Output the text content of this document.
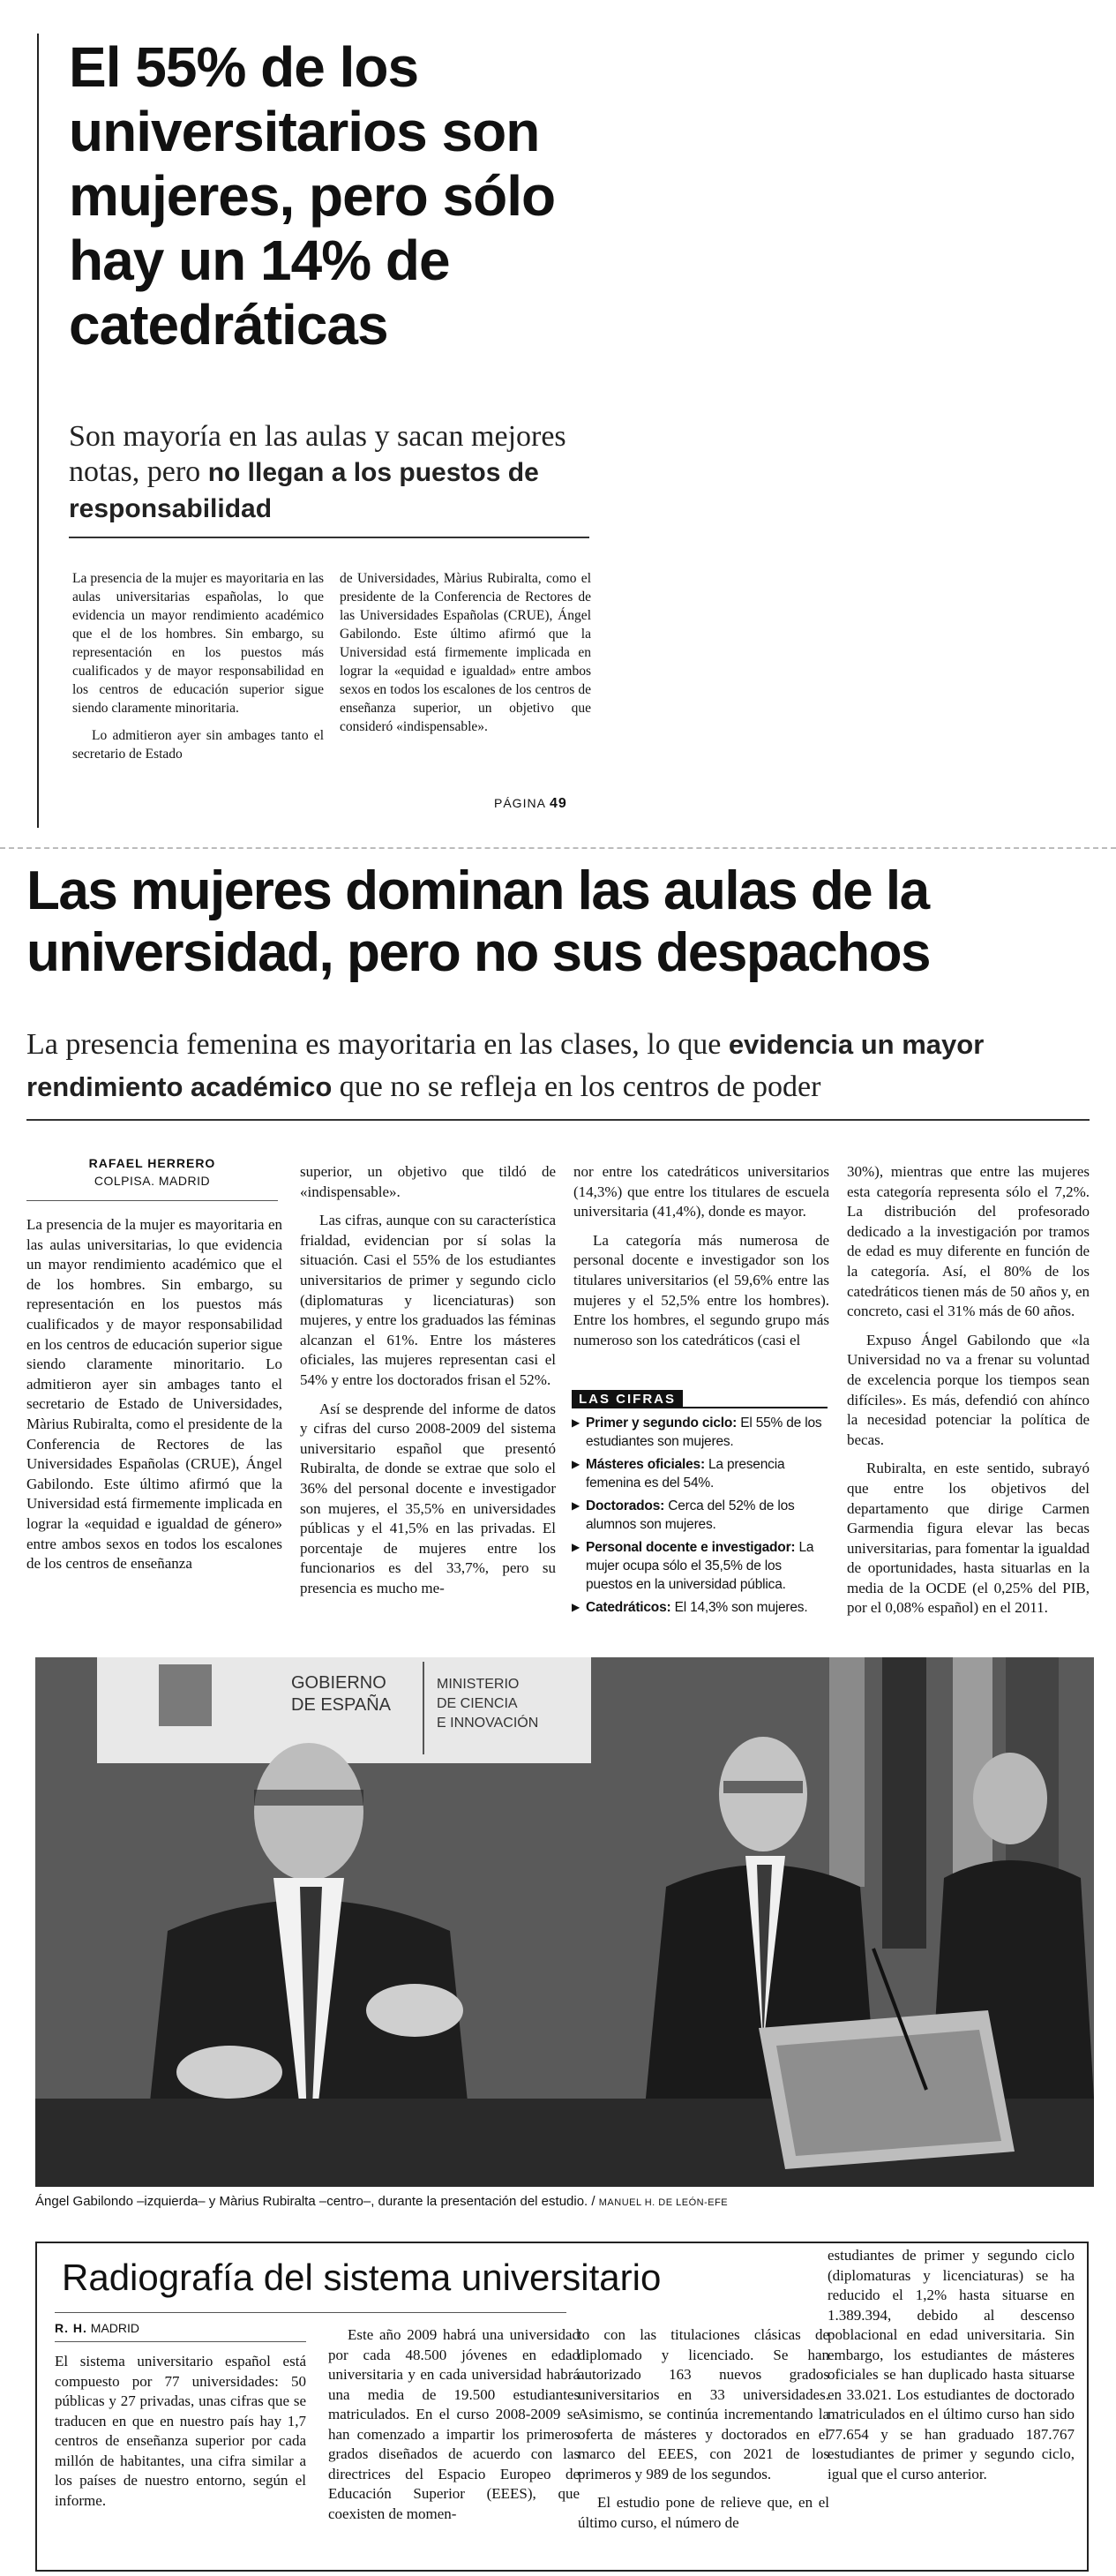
El 55% de los universitarios son mujeres, pero sólo hay un 14% de catedráticas
Son mayoría en las aulas y sacan mejores notas, pero no llegan a los puestos de responsabilidad

La presencia de la mujer es mayoritaria en las aulas universitarias españolas, lo que evidencia un mayor rendimiento académico que el de los hombres. Sin embargo, su representación en los puestos más cualificados y de mayor responsabilidad en los centros de educación superior sigue siendo claramente minoritaria.

Lo admitieron ayer sin ambages tanto el secretario de Estado

de Universidades, Màrius Rubiralta, como el presidente de la Conferencia de Rectores de las Universidades Españolas (CRUE), Ángel Gabilondo. Este último afirmó que la Universidad está firmemente implicada en lograr la «equidad e igualdad» entre ambos sexos en todos los escalones de los centros de enseñanza superior, un objetivo que consideró «indispensable».

PÁGINA 49
Las mujeres dominan las aulas de la universidad, pero no sus despachos
La presencia femenina es mayoritaria en las clases, lo que evidencia un mayor rendimiento académico que no se refleja en los centros de poder
RAFAEL HERRERO
COLPISA. MADRID

La presencia de la mujer es mayoritaria en las aulas universitarias, lo que evidencia un mayor rendimiento académico que el de los hombres. Sin embargo, su representación en los puestos más cualificados y de mayor responsabilidad en los centros de educación superior sigue siendo claramente minoritario. Lo admitieron ayer sin ambages tanto el secretario de Estado de Universidades, Màrius Rubiralta, como el presidente de la Conferencia de Rectores de las Universidades Españolas (CRUE), Ángel Gabilondo. Este último afirmó que la Universidad está firmemente implicada en lograr la «equidad e igualdad de género» entre ambos sexos en todos los escalones de los centros de enseñanza

superior, un objetivo que tildó de «indispensable».

Las cifras, aunque con su característica frialdad, evidencian por sí solas la situación. Casi el 55% de los estudiantes universitarios de primer y segundo ciclo (diplomaturas y licenciaturas) son mujeres, y entre los graduados las féminas alcanzan el 61%. Entre los másteres oficiales, las mujeres representan casi el 54% y entre los doctorados frisan el 52%.

Así se desprende del informe de datos y cifras del curso 2008-2009 del sistema universitario español que presentó Rubiralta, de donde se extrae que solo el 36% del personal docente e investigador son mujeres, el 35,5% en universidades públicas y el 41,5% en las privadas. El porcentaje de mujeres entre los funcionarios es del 33,7%, pero su presencia es mucho me-

nor entre los catedráticos universitarios (14,3%) que entre los titulares de escuela universitaria (41,4%), donde es mayor.

La categoría más numerosa de personal docente e investigador son los titulares universitarios (el 59,6% entre las mujeres y el 52,5% entre los hombres). Entre los hombres, el segundo grupo más numeroso son los catedráticos (casi el

30%), mientras que entre las mujeres esta categoría representa sólo el 7,2%. La distribución del profesorado dedicado a la investigación por tramos de edad es muy diferente en función de la categoría. Así, el 80% de los catedráticos tienen más de 50 años y, en concreto, casi el 31% más de 60 años.

Expuso Ángel Gabilondo que «la Universidad no va a frenar su voluntad de excelencia porque los tiempos sean difíciles». Es más, defendió con ahínco la necesidad potenciar la política de becas.

Rubiralta, en este sentido, subrayó que entre los objetivos del departamento que dirige Carmen Garmendia figura elevar las becas universitarias, para fomentar la igualdad de oportunidades, hasta situarlas en la media de la OCDE (el 0,25% del PIB, por el 0,08% español) en el 2011.

LAS CIFRAS
▶ Primer y segundo ciclo: El 55% de los estudiantes son mujeres.
▶ Másteres oficiales: La presencia femenina es del 54%.
▶ Doctorados: Cerca del 52% de los alumnos son mujeres.
▶ Personal docente e investigador: La mujer ocupa sólo el 35,5% de los puestos en la universidad pública.
▶ Catedráticos: El 14,3% son mujeres.
GOBIERNO
DE ESPAÑA
MINISTERIO
DE CIENCIA
E INNOVACIÓN
Ángel Gabilondo –izquierda– y Màrius Rubiralta –centro–, durante la presentación del estudio. / MANUEL H. DE LEÓN-EFE
Radiografía del sistema universitario
R. H. MADRID

El sistema universitario español está compuesto por 77 universidades: 50 públicas y 27 privadas, unas cifras que se traducen en que en nuestro país hay 1,7 centros de enseñanza superior por cada millón de habitantes, una cifra similar a los países de nuestro entorno, según el informe.

Este año 2009 habrá una universidad por cada 48.500 jóvenes en edad universitaria y en cada universidad habrá una media de 19.500 estudiantes matriculados. En el curso 2008-2009 se han comenzado a impartir los primeros grados diseñados de acuerdo con las directrices del Espacio Europeo de Educación Superior (EEES), que coexisten de momen-

to con las titulaciones clásicas de diplomado y licenciado. Se han autorizado 163 nuevos grados universitarios en 33 universidades. Asimismo, se continúa incrementando la oferta de másteres y doctorados en el marco del EEES, con 2021 de los primeros y 989 de los segundos.

El estudio pone de relieve que, en el último curso, el número de

estudiantes de primer y segundo ciclo (diplomaturas y licenciaturas) se ha reducido el 1,2% hasta situarse en 1.389.394, debido al descenso poblacional en edad universitaria. Sin embargo, los estudiantes de másteres oficiales se han duplicado hasta situarse en 33.021. Los estudiantes de doctorado matriculados en el último curso han sido 77.654 y se han graduado 187.767 estudiantes de primer y segundo ciclo, igual que el curso anterior.
